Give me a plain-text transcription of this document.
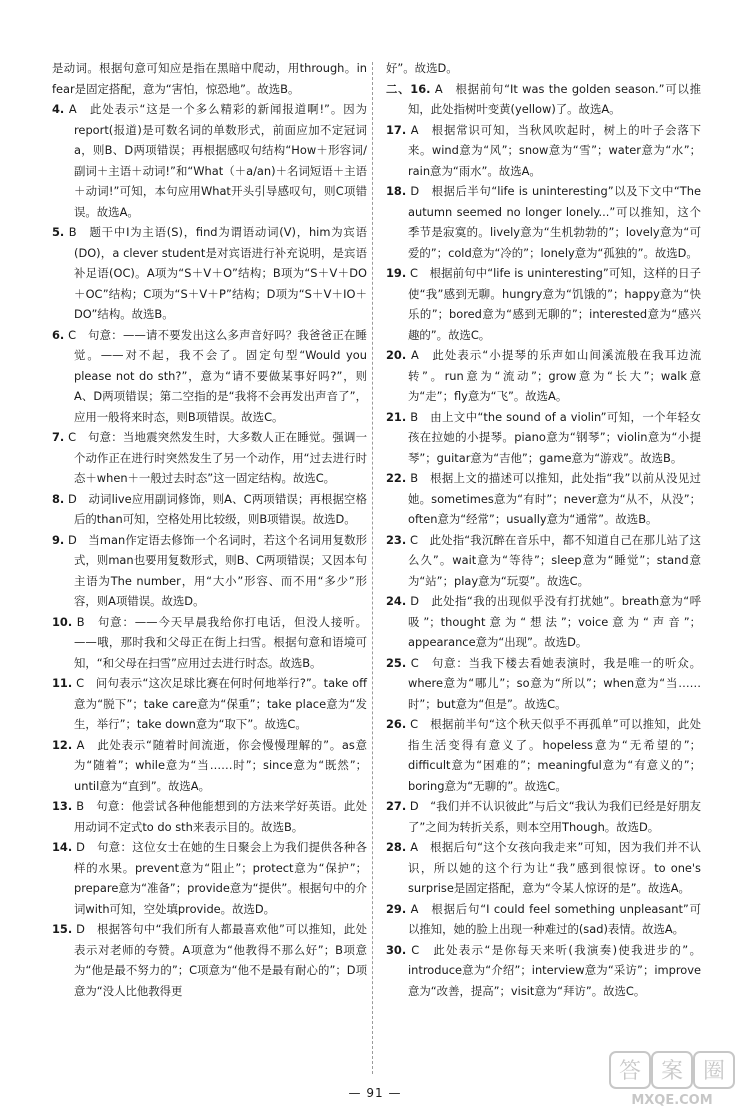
是动词。根据句意可知应是指在黑暗中爬动，用through。in fear是固定搭配，意为“害怕，惊恐地”。故选B。
4. A　此处表示“这是一个多么精彩的新闻报道啊!”。因为report(报道)是可数名词的单数形式，前面应加不定冠词a，则B、D两项错误；再根据感叹句结构“How＋形容词/副词＋主语＋动词!”和“What（＋a/an)＋名词短语＋主语＋动词!”可知，本句应用What开头引导感叹句，则C项错误。故选A。
5. B　题干中I为主语(S)，find为谓语动词(V)，him为宾语(DO)，a clever student是对宾语进行补充说明，是宾语补足语(OC)。A项为“S＋V＋O”结构；B项为“S＋V＋DO＋OC”结构；C项为“S＋V＋P”结构；D项为“S＋V＋IO＋DO”结构。故选B。
6. C　句意：——请不要发出这么多声音好吗？我爸爸正在睡觉。——对不起，我不会了。固定句型“Would you please not do sth?”，意为“请不要做某事好吗?”，则A、D两项错误；第二空指的是“我将不会再发出声音了”，应用一般将来时态，则B项错误。故选C。
7. C　句意：当地震突然发生时，大多数人正在睡觉。强调一个动作正在进行时突然发生了另一个动作，用“过去进行时态＋when＋一般过去时态”这一固定结构。故选C。
8. D　动词live应用副词修饰，则A、C两项错误；再根据空格后的than可知，空格处用比较级，则B项错误。故选D。
9. D　当man作定语去修饰一个名词时，若这个名词用复数形式，则man也要用复数形式，则B、C两项错误；又因本句主语为The number，用“大小”形容、而不用“多少”形容，则A项错误。故选D。
10. B　句意：——今天早晨我给你打电话，但没人接听。——哦，那时我和父母正在街上扫雪。根据句意和语境可知，“和父母在扫雪”应用过去进行时态。故选B。
11. C　问句表示“这次足球比赛在何时何地举行?”。take off意为“脱下”；take care意为“保重”；take place意为“发生，举行”；take down意为“取下”。故选C。
12. A　此处表示“随着时间流逝，你会慢慢理解的”。as意为“随着”；while意为“当……时”；since意为“既然”；until意为“直到”。故选A。
13. B　句意：他尝试各种他能想到的方法来学好英语。此处用动词不定式to do sth来表示目的。故选B。
14. D　句意：这位女士在她的生日聚会上为我们提供各种各样的水果。prevent意为“阻止”；protect意为“保护”；prepare意为“准备”；provide意为“提供”。根据句中的介词with可知，空处填provide。故选D。
15. D　根据答句中“我们所有人都最喜欢他”可以推知，此处表示对老师的夸赞。A项意为“他教得不那么好”；B项意为“他是最不努力的”；C项意为“他不是最有耐心的”；D项意为“没人比他教得更
好”。故选D。
二、16. A　根据前句“It was the golden season.”可以推知，此处指树叶变黄(yellow)了。故选A。
17. A　根据常识可知，当秋风吹起时，树上的叶子会落下来。wind意为“风”；snow意为“雪”；water意为“水”；rain意为“雨水”。故选A。
18. D　根据后半句“life is uninteresting”以及下文中“The autumn seemed no longer lonely...”可以推知，这个季节是寂寞的。lively意为“生机勃勃的”；lovely意为“可爱的”；cold意为“冷的”；lonely意为“孤独的”。故选D。
19. C　根据前句中“life is uninteresting”可知，这样的日子使“我”感到无聊。hungry意为“饥饿的”；happy意为“快乐的”；bored意为“感到无聊的”；interested意为“感兴趣的”。故选C。
20. A　此处表示“小提琴的乐声如山间溪流般在我耳边流转”。run意为“流动”；grow意为“长大”；walk意为“走”；fly意为“飞”。故选A。
21. B　由上文中“the sound of a violin”可知，一个年轻女孩在拉她的小提琴。piano意为“钢琴”；violin意为“小提琴”；guitar意为“吉他”；game意为“游戏”。故选B。
22. B　根据上文的描述可以推知，此处指“我”以前从没见过她。sometimes意为“有时”；never意为“从不，从没”；often意为“经常”；usually意为“通常”。故选B。
23. C　此处指“我沉醉在音乐中，都不知道自己在那儿站了这么久”。wait意为“等待”；sleep意为“睡觉”；stand意为“站”；play意为“玩耍”。故选C。
24. D　此处指“我的出现似乎没有打扰她”。breath意为“呼吸”；thought意为“想法”；voice意为“声音”；appearance意为“出现”。故选D。
25. C　句意：当我下楼去看她表演时，我是唯一的听众。where意为“哪儿”；so意为“所以”；when意为“当……时”；but意为“但是”。故选C。
26. C　根据前半句“这个秋天似乎不再孤单”可以推知，此处指生活变得有意义了。hopeless意为“无希望的”；difficult意为“困难的”；meaningful意为“有意义的”；boring意为“无聊的”。故选C。
27. D　“我们并不认识彼此”与后文“我认为我们已经是好朋友了”之间为转折关系，则本空用Though。故选D。
28. A　根据后句“这个女孩向我走来”可知，因为我们并不认识，所以她的这个行为让“我”感到很惊讶。to one's surprise是固定搭配，意为“令某人惊讶的是”。故选A。
29. A　根据后句“I could feel something unpleasant”可以推知，她的脸上出现一种难过的(sad)表情。故选A。
30. C　此处表示“是你每天来听(我演奏)使我进步的”。introduce意为“介绍”；interview意为“采访”；improve意为“改善，提高”；visit意为“拜访”。故选C。
— 91 —
答 案 圈
MXQE.COM
